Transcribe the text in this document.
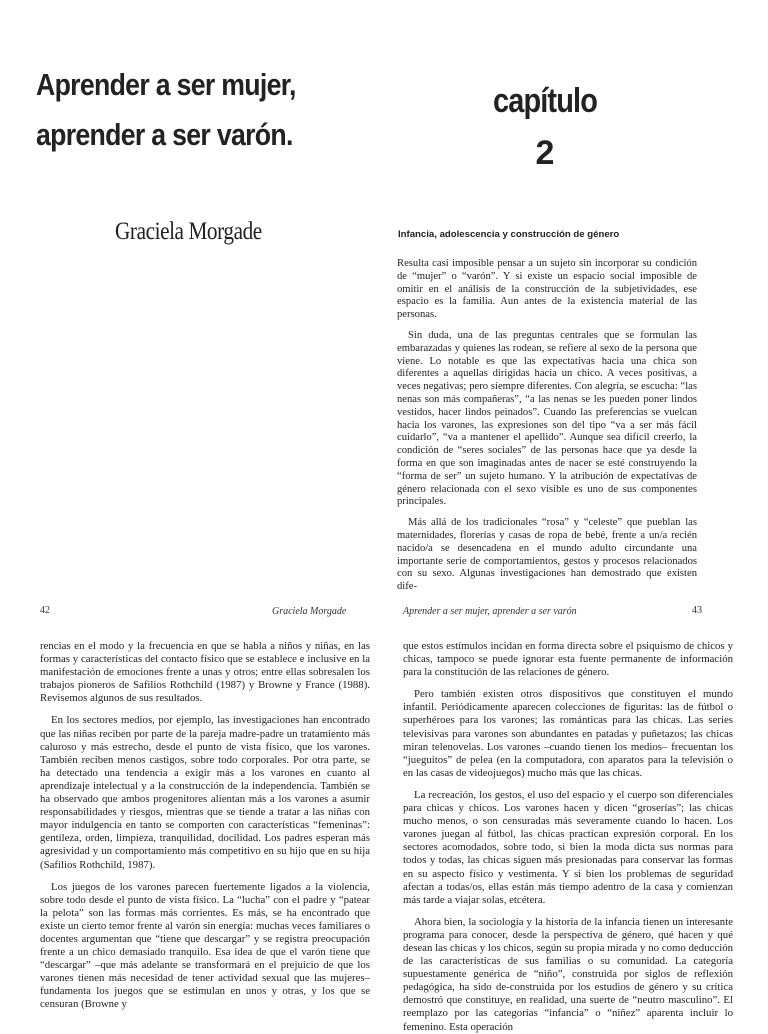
Aprender a ser mujer,
aprender a ser varón.
capítulo
2
Graciela Morgade	Infancia, adolescencia y construcción de género

Resulta casi imposible pensar a un sujeto sin incorporar su condición de “mujer” o “varón”. Y si existe un espacio social imposible de omitir en el análisis de la construcción de la subjetividades, ese espacio es la familia. Aun antes de la existencia material de las personas.

Sin duda, una de las preguntas centrales que se formulan las embarazadas y quienes las rodean, se refiere al sexo de la persona que viene. Lo notable es que las expectativas hacia una chica son diferentes a aquellas dirigidas hacia un chico. A veces positivas, a veces negativas; pero siempre diferentes. Con alegría, se escucha: “las nenas son más compañeras”, “a las nenas se les pueden poner lindos vestidos, hacer lindos peinados”. Cuando las preferencias se vuelcan hacia los varones, las expresiones son del tipo “va a ser más fácil cuidarlo”, “va a mantener el apellido”. Aunque sea difícil creerlo, la condición de “seres sociales” de las personas hace que ya desde la forma en que son imaginadas antes de nacer se esté construyendo la “forma de ser” un sujeto humano. Y la atribución de expectativas de género relacionada con el sexo visible es uno de sus componentes principales.

Más allá de los tradicionales “rosa” y “celeste” que pueblan las maternidades, florerías y casas de ropa de bebé, frente a un/a recién nacido/a se desencadena en el mundo adulto circundante una importante serie de comportamientos, gestos y procesos relacionados con su sexo. Algunas investigaciones han demostrado que existen dife-

42	Graciela Morgade	Aprender a ser mujer, aprender a ser varón	43

rencias en el modo y la frecuencia en que se habla a niños y niñas, en las formas y características del contacto físico que se establece e inclusive en la manifestación de emociones frente a unas y otros; entre ellas sobresalen los trabajos pioneros de Safilios Rothchild (1987) y Browne y France (1988). Revisemos algunos de sus resultados.

En los sectores medios, por ejemplo, las investigaciones han encontrado que las niñas reciben por parte de la pareja madre-padre un tratamiento más caluroso y más estrecho, desde el punto de vista físico, que los varones. También reciben menos castigos, sobre todo corporales. Por otra parte, se ha detectado una tendencia a exigir más a los varones en cuanto al aprendizaje intelectual y a la construcción de la independencia. También se ha observado que ambos progenitores alientan más a los varones a asumir responsabilidades y riesgos, mientras que se tiende a tratar a las niñas con mayor indulgencia en tanto se comporten con características “femeninas”: gentileza, orden, limpieza, tranquilidad, docilidad. Los padres esperan más agresividad y un comportamiento más competitivo en su hijo que en su hija (Safilios Rothchild, 1987).

Los juegos de los varones parecen fuertemente ligados a la violencia, sobre todo desde el punto de vista físico. La “lucha” con el padre y “patear la pelota” son las formas más corrientes. Es más, se ha encontrado que existe un cierto temor frente al varón sin energía: muchas veces familiares o docentes argumentan que “tiene que descargar” y se registra preocupación frente a un chico demasiado tranquilo. Esa idea de que el varón tiene que “descargar” –que más adelante se transformará en el prejuicio de que los varones tienen más necesidad de tener actividad sexual que las mujeres– fundamenta los juegos que se estimulan en unos y otras, y los que se censuran (Browne y

que estos estímulos incidan en forma directa sobre el psiquismo de chicos y chicas, tampoco se puede ignorar esta fuente permanente de información para la constitución de las relaciones de género.

Pero también existen otros dispositivos que constituyen el mundo infantil. Periódicamente aparecen colecciones de figuritas: las de fútbol o superhéroes para los varones; las románticas para las chicas. Las series televisivas para varones son abundantes en patadas y puñetazos; las chicas miran telenovelas. Los varones –cuando tienen los medios– frecuentan los “jueguitos” de pelea (en la computadora, con aparatos para la televisión o en las casas de videojuegos) mucho más que las chicas.

La recreación, los gestos, el uso del espacio y el cuerpo son diferenciales para chicas y chicos. Los varones hacen y dicen “groserías”; las chicas mucho menos, o son censuradas más severamente cuando lo hacen. Los varones juegan al fútbol, las chicas practican expresión corporal. En los sectores acomodados, sobre todo, si bien la moda dicta sus normas para todos y todas, las chicas siguen más presionadas para conservar las formas en su aspecto físico y vestimenta. Y si bien los problemas de seguridad afectan a todas/os, ellas están más tiempo adentro de la casa y comienzan más tarde a viajar solas, etcétera.

Ahora bien, la sociología y la historia de la infancia tienen un interesante programa para conocer, desde la perspectiva de género, qué hacen y qué desean las chicas y los chicos, según su propia mirada y no como deducción de las características de sus familias o su comunidad. La categoría supuestamente genérica de “niño”, construida por siglos de reflexión pedagógica, ha sido de-construida por los estudios de género y su crítica demostró que constituye, en realidad, una suerte de “neutro masculino”. El reemplazo por las categorías “infancia” o “niñez” aparenta incluir lo femenino. Esta operación
